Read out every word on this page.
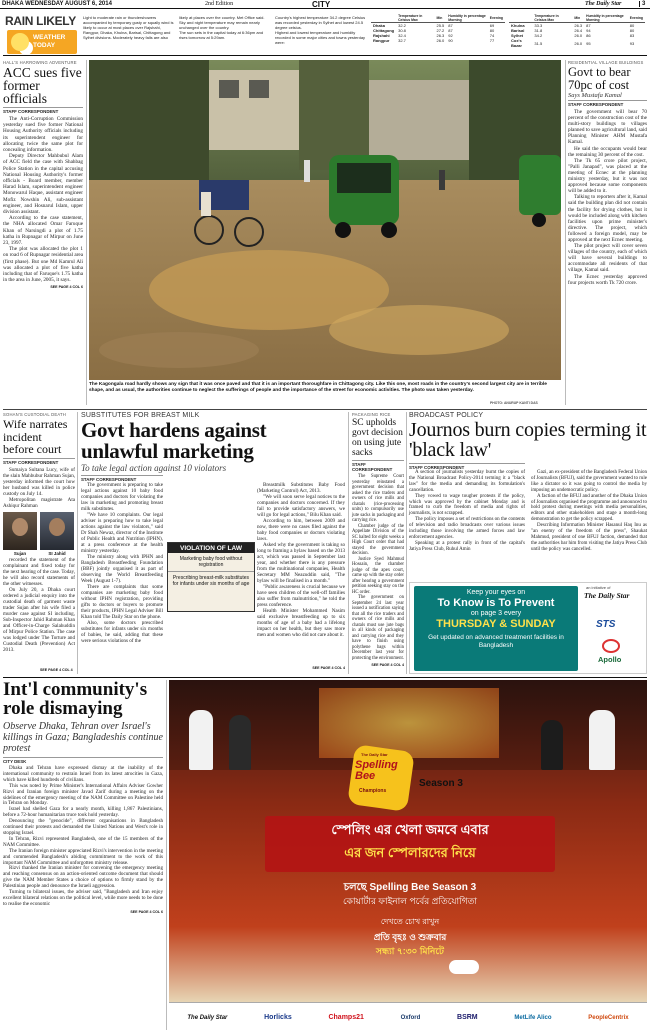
DHAKA WEDNESDAY AUGUST 6, 2014	2nd Edition	CITY	The Daily Star	3
RAIN LIKELY
WEATHER
TODAY
Light to moderate rain or thundershowers accompanied by temporary gusty or squally wind is likely to occur at most places over Rajshahi, Rangpur, Dhaka, Khulna, Barisal, Chittagong and Sylhet divisions. Moderately heavy falls are also
likely at places over the country. Met Office said.
Sky and night temperature may remain nearly unchanged over the country.
The sun sets in the capital today at 6:36pm and rises tomorrow at 5:29am.
Country's highest temperature 34.2 degree Celsius was recorded yesterday in Sylhet and lowest 24.5 degree celsius.
Highest and lowest temperature and humidity recorded in some major cities and towns yesterday were:
	Temperature in Celsius Max	Min	Humidity in percentage Morning	Evening
Dhaka	32.2	25.5	87	69
Chittagong	30.8	27.2	87	80
Rajshahi	32.4	26.3	92	74
Rangpur	32.7	26.0	90	77
	Temperature in Celsius Max	Min	Humidity in percentage Morning	Evening
Khulna	33.3	26.3	87	80
Barisal	31.8	26.4	94	80
Sylhet	34.2	26.0	86	83
Cox's Bazar	31.5	26.0	95	93
HALL'S HARROWING ADVENTURE
ACC sues five former officials
STAFF CORRESPONDENT

The Anti-Corruption Commission yesterday sued five former National Housing Authority officials including its superintendent engineer for allocating twice the same plot for concealing information.

Deputy Director Mahbubul Alam of ACC field the case with Shahbag Police Station in the capital accusing National Housing Authority's former officials - Board member, member Harad Islam, superintendent engineer Monowarul Haque, assistant engineer Mofiz Nowshin Ali, sub-assistant engineer, and Hosnarul Islam, upper division assistant.

According to the case statement, the NHA allocated Omar Faruque Khan of Narsingdi a plot of 1.75 katha in Rupnagar of Mirpur on June 23, 1997.

The plot was allocated the plot 1 on road 6 of Rupnagar residential area (first phase). But one Md Kamrul Ali was allocated a plot of five katha including that of Faruque's 1.75 katha in the area in June, 2005, it says.

SEE PAGE 4 COL 6
The Kagongala road hardly shows any sign that it was once paved and that it is an important thoroughfare in Chittagong city. Like this one, most roads in the country's second largest city are in terrible shape, and as usual, the authorities continue to neglect the sufferings of people and the importance of the street for economic activities. The photo was taken yesterday.
PHOTO: ANURUP KANTI DAS
RESIDENTIAL VILLAGE BUILDINGS
Govt to bear 70pc of cost
Says Mustafa Kamal
STAFF CORRESPONDENT

The government will bear 70 percent of the construction cost of the multi-story buildings to villages planned to save agricultural land, said Planning Minister AHM Mustafa Kamal.

He said the occupants would bear the remaining 30 percent of the cost.

The Tk 65 crore pilot project, "Palli Janapad", was placed at the meeting of Ecnec at the planning ministry yesterday, but it was not approved because some components will be added to it.

Talking to reporters after it, Kamal said the building plan did not contain the facility for drying clothes, but it would be included along with kitchen facilities upon prime minister's directive. The project, which followed a foreign model, may be approved at the next Ecnec meeting.

The pilot project will cover seven villages of the country, each of which will have several buildings to accommodate all residents of that village, Kamal said.

The Ecnec yesterday approved four projects worth Tk 720 crore.

SOHAN'S CUSTODIAL DEATH
Wife narrates incident before court
STAFF CORRESPONDENT

Sumaiya Sultana Lucy, wife of the slain Mahbubur Rahman Sujan, yesterday informed the court how her husband was killed in police custody on July 14.

Metropolitan magistrate Ata Ashiqur Rahman

Sujan	SI Jahid

recorded the statement of the complainant and fixed today for the next hearing of the case. Today, he will also record statements of the other witnesses.

On July 20, a Dhaka court ordered a judicial enquiry into the custodial death of garment waste trader Sujan after his wife filed a murder case against SI including, Sub-Inspector Jahid Rahman Khan and Officer-in-Charge Salahuddin of Mirpur Police Station. The case was lodged under The Torture and Custodial Death (Prevention) Act 2013.

SUBSTITUTES FOR BREAST MILK
Govt hardens against unlawful marketing
To take legal action against 10 violators
STAFF CORRESPONDENT

The government is preparing to take legal actions against 10 baby food companies and doctors for violating the law in marketing and promoting breast milk substitutes.

"We have 10 complaints. Our legal adviser is preparing how to take legal actions against the law violators," said Dr Shah Newaz, director of the Institute of Public Health and Nutrition (IPHN), at a press conference at the health ministry yesterday.

The ministry along with IPHN and Bangladesh Breastfeeding Foundation (BBF) jointly organised it as part of observing the World Breastfeeding Week (August 1-7).

There are complaints that some companies are marketing baby food without IPHN registration, providing gifts to doctors or buyers to promote their products, IPHN Legal Adviser Bill Khan told The Daily Star on the phone.

Also, some doctors prescribed substitutes for infants under six months of babies, he said, adding that these were serious violations of the

VIOLATION OF LAW
Marketing baby food without registration
Prescribing breast-milk substitutes for infants under six months of age

Breastmilk Substitutes Baby Food (Marketing Control) Act, 2013.

"We will soon serve legal notices to the companies and doctors concerned. If they fail to provide satisfactory answers, we will go for legal actions," Bilu Khan said.

According to him, between 2009 and now, there were no cases filed against the baby food companies or doctors violating laws.

Asked why the government is taking so long to framing a bylaw based on the 2013 act, which was passed in September last year, and whether there is any pressure from the multinational companies, Health Secretary MM Neazuddin said, "The bylaw will be finalised in a month."

"Public awareness is crucial because we have seen children of the well-off families also suffer from malnutrition," he told the press conference.

Health Minister Mohammed Nasim said exclusive breastfeeding up to six months of age of a baby had a lifelong impact on her health, but they saw more men and women who did not care about it.

SEE PAGE 4 COL 4
PACKAGING RICE
SC upholds govt decision on using jute sacks
STAFF CORRESPONDENT

The Supreme Court yesterday reinstated a government decision that asked the rice traders and owners of rice mills and chatals (rice-processing units) to compulsorily use jute sacks in packaging and carrying rice.

Chamber judge of the Appellate Division of the SC halted for eight weeks a High Court order that had stayed the government decision.

Justice Syed Mahmud Hossain, the chamber judge of the apex court, came up with the stay order after hearing a government petition seeking stay on the HC order.

The government on September 24 last year issued a notification saying that all the rice traders and owners of rice mills and chatals must use jute bags in all kinds of packaging and carrying rice and they have to finish using polythene bags within December last year for protecting the environment.

SEE PAGE 4 COL 4
BROADCAST POLICY
Journos burn copies terming it 'black law'
STAFF CORRESPONDENT

A section of journalists yesterday burnt the copies of the National Broadcast Policy-2014 terming it a "black law" for the media and demanding its formulation's cancellation.

They vowed to wage tougher protests if the policy, which was approved by the cabinet Monday and is framed to curb the freedom of media and rights of journalists, is not scrapped.

The policy imposes a set of restrictions on the contents of television and radio broadcasts over various issues including those involving the armed forces and law enforcement agencies.

Speaking at a protest rally in front of the capital's Jatiya Press Club, Ruhul Amin

Gazi, an ex-president of the Bangladesh Federal Union of Journalists (BFUJ), said the government wanted to rule like a dictator so it was going to control the media by imposing an undemocratic policy.

A faction of the BFUJ and another of the Dhaka Union of Journalists organised the programme and announced to hold protest during meetings with media personalities, editors and other stakeholders and stage a month-long demonstration to get the policy scrapped.

Describing Information Minister Hasanul Haq Inu as "an enemy of the freedom of the press", Shaukat Mahmud, president of one BFUJ faction, demanded that the authorities bar him from visiting the Jatiya Press Club until the policy was cancelled.

an initiative of
The Daily Star
Keep your eyes on
To Know is To Prevent
on page 3 every
THURSDAY & SUNDAY
Get updated on advanced treatment facilities in Bangladesh
STS
Apollo
SEE PAGE 4 COL 4
Int'l community's role dismaying
Observe Dhaka, Tehran over Israel's killings in Gaza; Bangladeshis continue protest
CITY DESK

Dhaka and Tehran have expressed dismay at the inability of the international community to restrain Israel from its latest atrocities in Gaza, which have killed hundreds of civilians.

This was noted by Prime Minister's International Affairs Adviser Gowher Rizvi and Iranian foreign minister Javad Zarif during a meeting on the sidelines of the emergency meeting of the NAM Committee on Palestine held in Tehran on Monday.

Israel had shelled Gaza for a nearly month, killing 1,867 Palestinians, before a 72-hour humanitarian truce took hold yesterday.

Denouncing the "genocide", different organisations in Bangladesh continued their protests and demanded the United Nations and West's role in stopping Israel.

In Tehran, Rizvi represented Bangladesh, one of the 15 members of the NAM Committee.

The Iranian foreign minister appreciated Rizvi's intervention in the meeting and commended Bangladesh's abiding commitment to the work of this important NAM Committee and unforgotten ministry release.

Rizvi thanked the Iranian minister for convening the emergency meeting and reaching consensus on an action-oriented outcome document that should give the NAM Member States a choice of options to firmly stand by the Palestinian people and denounce the Israeli aggression.

Turning to bilateral issues, the adviser said, "Bangladesh and Iran enjoy excellent bilateral relations on the political level, while more needs to be done to realise the economic

SEE PAGE 4 COL 6
The Daily Star
Spelling Bee
Champions
Season 3
স্পেলিং এর খেলা জমবে এবার
এর জন স্পেলারদের নিয়ে
চলছে Spelling Bee Season 3
কোয়ার্টার ফাইনাল পর্বের প্রতিযোগিতা
দেখতে চোখ রাখুন
প্রতি বৃহঃ ও শুক্রবার
সন্ধ্যা ৭:৩০ মিনিটে
The Daily Star	Horlicks	Champs21	Oxford	BSRM	MetLife Alico	PeopleCentrix
